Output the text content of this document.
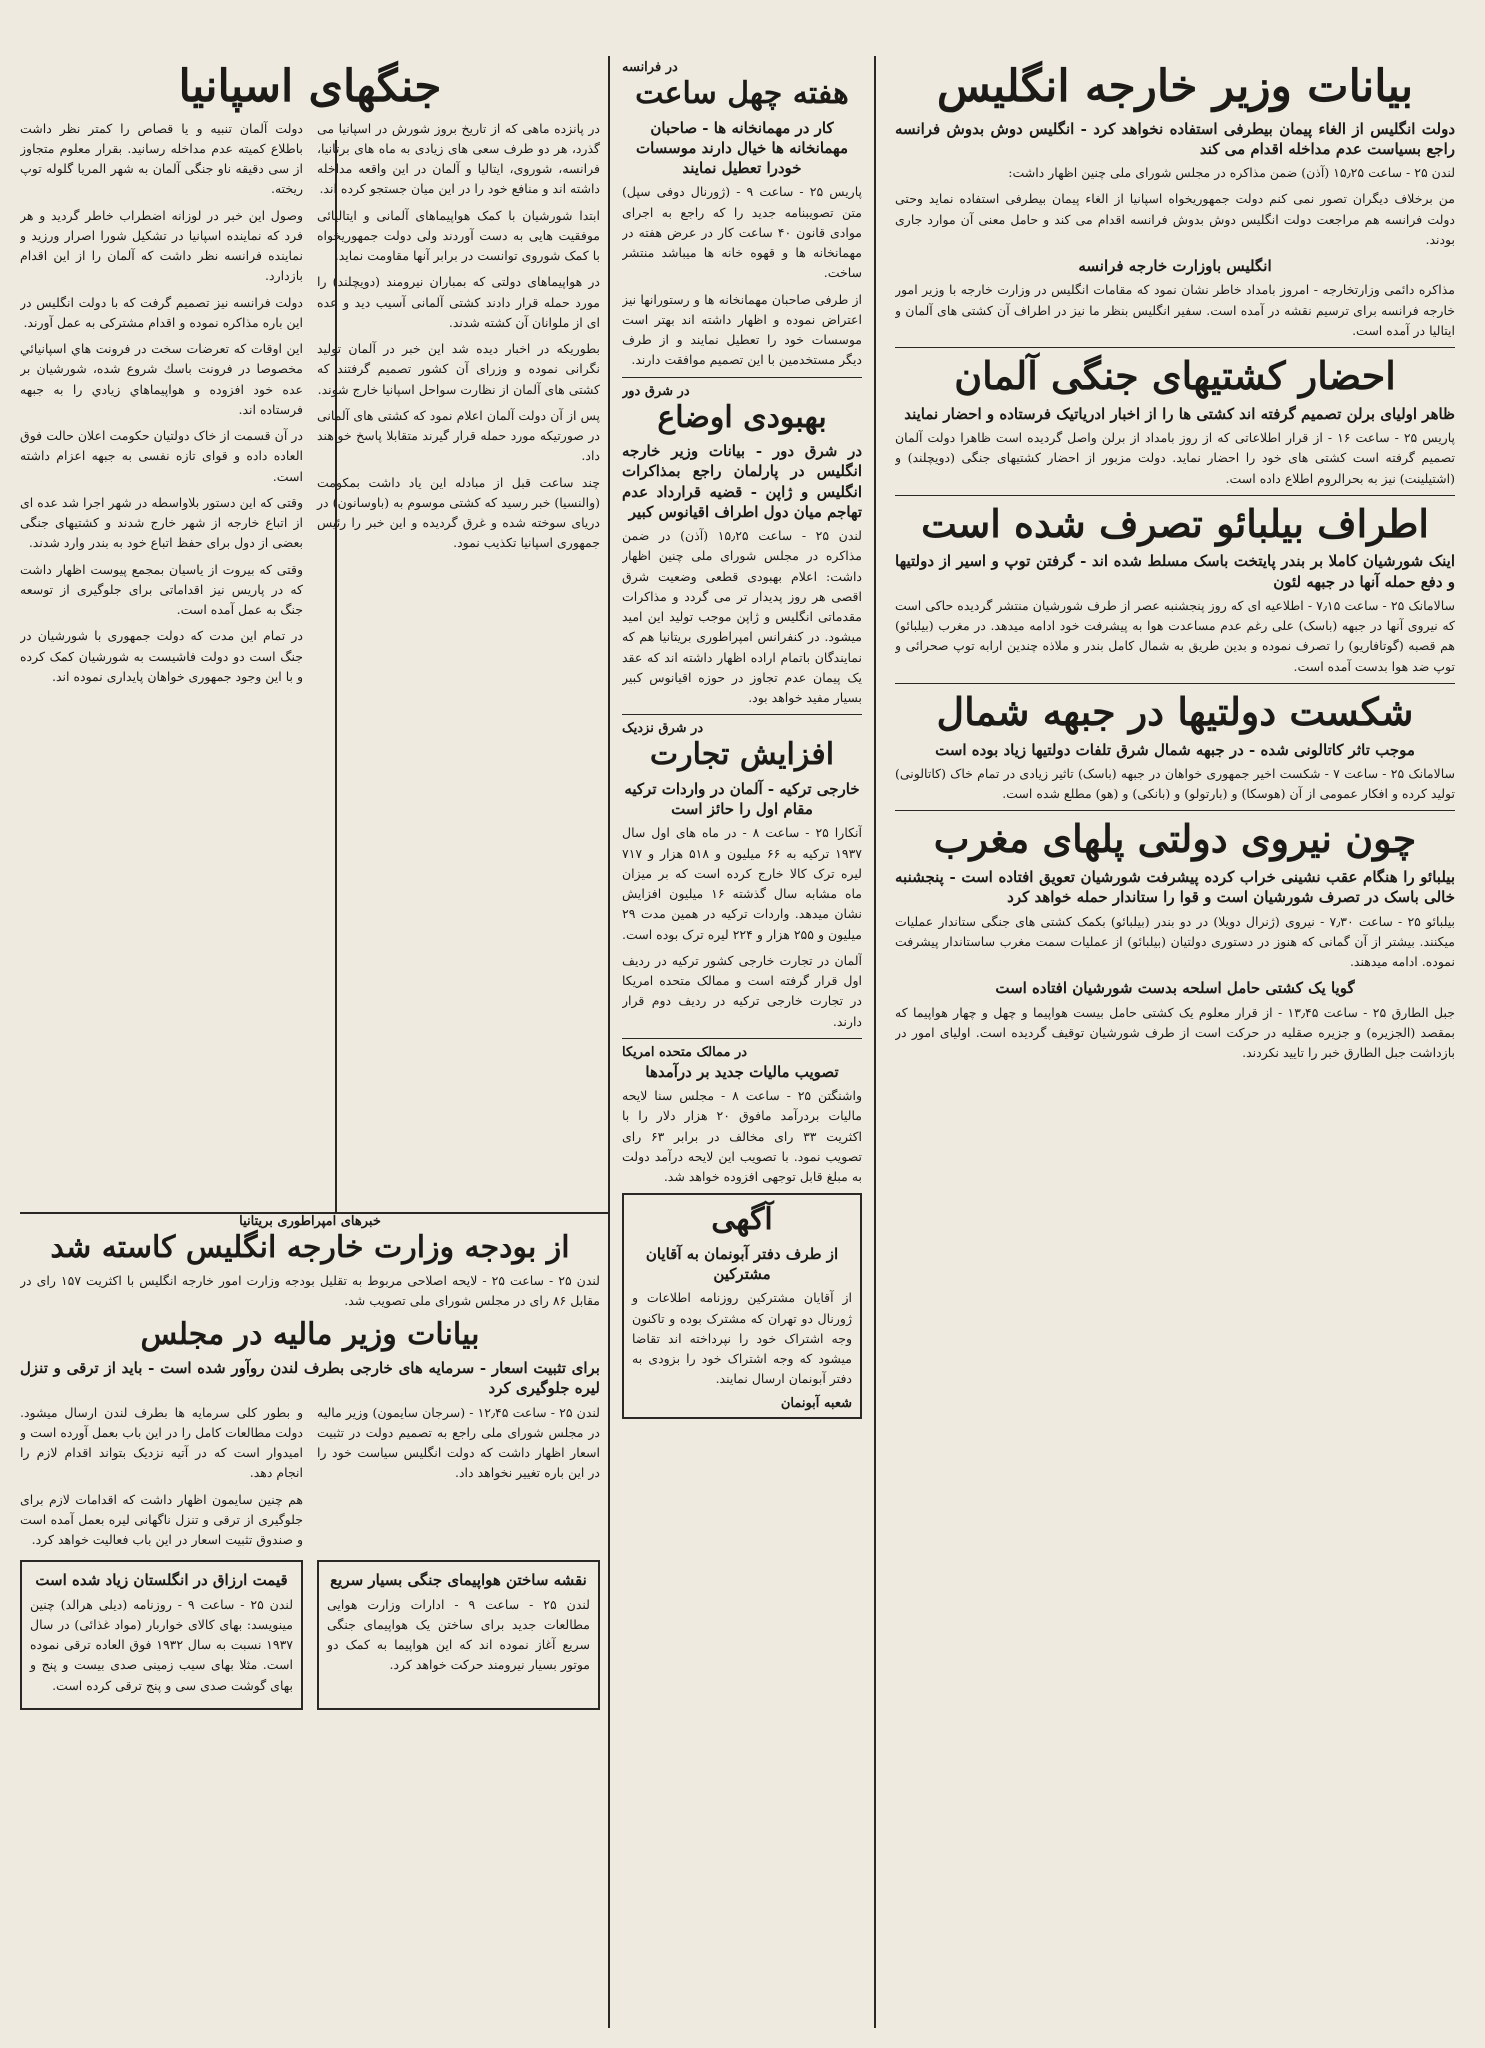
بیانات وزیر خارجه انگلیس
دولت انگلیس از الغاء پیمان بیطرفی استفاده نخواهد کرد - انگلیس دوش بدوش فرانسه راجع بسیاست عدم مداخله اقدام می کند
لندن ۲۵ - ساعت ۱۵٫۲۵ (آذن) ضمن مذاکره در مجلس شورای ملی چنین اظهار داشت:
من برخلاف دیگران تصور نمی کنم دولت جمهوریخواه اسپانیا از الغاء پیمان بیطرفی استفاده نماید وحتی دولت فرانسه هم مراجعت دولت انگلیس دوش بدوش فرانسه اقدام می کند و حامل معنی آن موارد جاری بودند.
انگلیس باوزارت خارجه فرانسه
مذاکره دائمی وزارتخارجه - امروز بامداد خاطر نشان نمود که مقامات انگلیس در وزارت خارجه با وزیر امور خارجه فرانسه برای ترسیم نقشه در آمده است. سفیر انگلیس بنظر ما نیز در اطراف آن کشتی های آلمان و ایتالیا در آمده است.
احضار کشتیهای جنگی آلمان
ظاهر اولیای برلن تصمیم گرفته اند کشتی ها را از اخبار ادریاتیک فرستاده و احضار نمایند
پاریس ۲۵ - ساعت ۱۶ - از قرار اطلاعاتی که از روز بامداد از برلن واصل گردیده است ظاهرا دولت آلمان تصمیم گرفته است کشتی های خود را احضار نماید. دولت مزبور از احضار کشتیهای جنگی (دویچلند) و (اشتیلینت) نیز به بحرالروم اطلاع داده است.
اطراف بیلبائو تصرف شده است
اینک شورشیان کاملا بر بندر پایتخت باسک مسلط شده اند - گرفتن توپ و اسیر از دولتیها و دفع حمله آنها در جبهه لئون
سالامانک ۲۵ - ساعت ۷٫۱۵ - اطلاعیه ای که روز پنجشنبه عصر از طرف شورشیان منتشر گردیده حاکی است که نیروی آنها در جبهه (باسک) علی رغم عدم مساعدت هوا به پیشرفت خود ادامه میدهد. در مغرب (بیلبائو) هم قصبه (گوتافاریو) را تصرف نموده و بدین طریق به شمال کامل بندر و ملاذه چندین ارابه توپ صحرائی و توپ ضد هوا بدست آمده است.
شکست دولتیها در جبهه شمال
موجب تاثر کاتالونی شده - در جبهه شمال شرق تلفات دولتیها زیاد بوده است
سالامانک ۲۵ - ساعت ۷ - شکست اخیر جمهوری خواهان در جبهه (باسک) تاثیر زیادی در تمام خاک (کاتالونی) تولید کرده و افکار عمومی از آن (هوسکا) و (بارتولو) و (بانکی) و (هو) مطلع شده است.
چون نیروی دولتی پلهای مغرب
بیلبائو را هنگام عقب نشینی خراب کرده پیشرفت شورشیان تعویق افتاده است - پنجشنبه خالی باسک در تصرف شورشیان است و قوا را ستاندار حمله خواهد کرد
بیلبائو ۲۵ - ساعت ۷٫۳۰ - نیروی (ژنرال دویلا) در دو بندر (بیلبائو) بکمک کشتی های جنگی ستاندار عملیات میکنند. بیشتر از آن گمانی که هنوز در دستوری دولتیان (بیلبائو) از عملیات سمت مغرب ساستاندار پیشرفت نموده. ادامه میدهند.
گویا یک کشتی حامل اسلحه بدست شورشیان افتاده است
جبل الطارق ۲۵ - ساعت ۱۳٫۴۵ - از قرار معلوم یک کشتی حامل بیست هواپیما و چهل و چهار هواپیما که بمقصد (الجزیره) و جزیره صقلیه در حرکت است از طرف شورشیان توقیف گردیده است. اولیای امور در بازداشت جبل الطارق خبر را تایید نکردند.
در فرانسه
هفته چهل ساعت
کار در مهمانخانه ها - صاحبان مهمانخانه ها خیال دارند موسسات خودرا تعطیل نمایند
پاریس ۲۵ - ساعت ۹ - (ژورنال دوفی سپل) متن تصویبنامه جدید را که راجع به اجرای موادی قانون ۴۰ ساعت کار در عرض هفته در مهمانخانه ها و قهوه خانه ها میباشد منتشر ساخت.
از طرفی صاحبان مهمانخانه ها و رستورانها نیز اعتراض نموده و اظهار داشته اند بهتر است موسسات خود را تعطیل نمایند و از طرف دیگر مستخدمین با این تصمیم موافقت دارند.
در شرق دور
بهبودی اوضاع
در شرق دور - بیانات وزیر خارجه انگلیس در پارلمان راجع بمذاکرات انگلیس و ژاپن - قضیه قرارداد عدم تهاجم میان دول اطراف اقیانوس کبیر
لندن ۲۵ - ساعت ۱۵٫۲۵ (آذن) در ضمن مذاکره در مجلس شورای ملی چنین اظهار داشت: اعلام بهبودی قطعی وضعیت شرق اقصی هر روز پدیدار تر می گردد و مذاکرات مقدماتی انگلیس و ژاپن موجب تولید این امید میشود. در کنفرانس امپراطوری بریتانیا هم که نمایندگان باتمام اراده اظهار داشته اند که عقد یک پیمان عدم تجاوز در حوزه اقیانوس کبیر بسیار مفید خواهد بود.
در شرق نزدیک
افزایش تجارت
خارجی ترکیه - آلمان در واردات ترکیه مقام اول را حائز است
آنکارا ۲۵ - ساعت ۸ - در ماه های اول سال ۱۹۳۷ ترکیه به ۶۶ میلیون و ۵۱۸ هزار و ۷۱۷ لیره ترک کالا خارج کرده است که بر میزان ماه مشابه سال گذشته ۱۶ میلیون افزایش نشان میدهد. واردات ترکیه در همین مدت ۲۹ میلیون و ۲۵۵ هزار و ۲۲۴ لیره ترک بوده است.
آلمان در تجارت خارجی کشور ترکیه در ردیف اول قرار گرفته است و ممالک متحده امریکا در تجارت خارجی ترکیه در ردیف دوم قرار دارند.
در ممالک متحده امریکا
تصویب مالیات جدید بر درآمدها
واشنگتن ۲۵ - ساعت ۸ - مجلس سنا لایحه مالیات بردرآمد مافوق ۲۰ هزار دلار را با اکثریت ۳۳ رای مخالف در برابر ۶۳ رای تصویب نمود. با تصویب این لایحه درآمد دولت به مبلغ قابل توجهی افزوده خواهد شد.
آگهی
از طرف دفتر آبونمان به آقایان مشترکین
از آقایان مشترکین روزنامه اطلاعات و ژورنال دو تهران که مشترک بوده و تاکنون وجه اشتراک خود را نپرداخته اند تقاضا میشود که وجه اشتراک خود را بزودی به دفتر آبونمان ارسال نمایند.
شعبه آبونمان
جنگهای اسپانیا
در پانزده ماهی که از تاریخ بروز شورش در اسپانیا می گذرد، هر دو طرف سعی های زیادی به ماه های برتانیا، فرانسه، شوروی، ایتالیا و آلمان در این واقعه مداخله داشته اند و منافع خود را در این میان جستجو کرده اند.
ابتدا شورشیان با کمک هواپیماهای آلمانی و ایتالیائی موفقیت هایی به دست آوردند ولی دولت جمهوریخواه با کمک شوروی توانست در برابر آنها مقاومت نماید.
در هواپیماهای دولتی که بمباران نیرومند (دویچلند) را مورد حمله قرار دادند کشتی آلمانی آسیب دید و عده ای از ملوانان آن کشته شدند.
بطوریکه در اخبار دیده شد این خبر در آلمان تولید نگرانی نموده و وزرای آن کشور تصمیم گرفتند که کشتی های آلمان از نظارت سواحل اسپانیا خارج شوند.
پس از آن دولت آلمان اعلام نمود که کشتی های آلمانی در صورتیکه مورد حمله قرار گیرند متقابلا پاسخ خواهند داد.
چند ساعت قبل از مبادله این یاد داشت بمکومت (والنسیا) خبر رسید که کشتی موسوم به (باوسانون) در دریای سوخته شده و غرق گردیده و این خبر را رئیس جمهوری اسپانیا تکذیب نمود.
دولت آلمان تنبیه و یا قصاص را کمتر نظر داشت باطلاع کمیته عدم مداخله رسانید. بقرار معلوم متجاوز از سی دقیقه ناو جنگی آلمان به شهر المریا گلوله توپ ریخته.
وصول این خبر در لوزانه اضطراب خاطر گردید و هر فرد که نماینده اسپانیا در تشکیل شورا اصرار ورزید و نماینده فرانسه نظر داشت که آلمان را از این اقدام بازدارد.
دولت فرانسه نیز تصمیم گرفت که با دولت انگلیس در این باره مذاکره نموده و اقدام مشترکی به عمل آورند.
این اوقات که تعرضات سخت در فرونت هاي اسپانيائي مخصوصا در فرونت باسك شروع شده، شورشيان بر عده خود افزوده و هواپيماهاي زيادي را به جبهه فرستاده اند.
در آن قسمت از خاک دولتیان حکومت اعلان حالت فوق العاده داده و قوای تازه نفسی به جبهه اعزام داشته است.
وقتی که این دستور بلاواسطه در شهر اجرا شد عده ای از اتباع خارجه از شهر خارج شدند و کشتیهای جنگی بعضی از دول برای حفظ اتباع خود به بندر وارد شدند.
وقتی که بیروت از یاسیان بمجمع پیوست اظهار داشت که در پاریس نیز اقداماتی برای جلوگیری از توسعه جنگ به عمل آمده است.
در تمام این مدت که دولت جمهوری با شورشیان در جنگ است دو دولت فاشیست به شورشیان کمک کرده و با این وجود جمهوری خواهان پایداری نموده اند.
خبرهای امپراطوری بریتانیا
از بودجه وزارت خارجه انگلیس کاسته شد
لندن ۲۵ - ساعت ۲۵ - لایحه اصلاحی مربوط به تقلیل بودجه وزارت امور خارجه انگلیس با اکثریت ۱۵۷ رای در مقابل ۸۶ رای در مجلس شورای ملی تصویب شد.
بیانات وزیر مالیه در مجلس
برای تثبیت اسعار - سرمایه های خارجی بطرف لندن روآور شده است - باید از ترقی و تنزل لیره جلوگیری کرد
لندن ۲۵ - ساعت ۱۲٫۴۵ - (سرجان سایمون) وزیر مالیه در مجلس شورای ملی راجع به تصمیم دولت در تثبیت اسعار اظهار داشت که دولت انگلیس سیاست خود را در این باره تغییر نخواهد داد.
و بطور کلی سرمایه ها بطرف لندن ارسال میشود. دولت مطالعات کامل را در این باب بعمل آورده است و امیدوار است که در آتیه نزدیک بتواند اقدام لازم را انجام دهد.
هم چنین سایمون اظهار داشت که اقدامات لازم برای جلوگیری از ترقی و تنزل ناگهانی لیره بعمل آمده است و صندوق تثبیت اسعار در این باب فعالیت خواهد کرد.
نقشه ساختن هواپیمای جنگی بسیار سریع
لندن ۲۵ - ساعت ۹ - ادارات وزارت هوایی مطالعات جدید برای ساختن یک هواپیمای جنگی سریع آغاز نموده اند که این هواپیما به کمک دو موتور بسیار نیرومند حرکت خواهد کرد.
قیمت ارزاق در انگلستان زیاد شده است
لندن ۲۵ - ساعت ۹ - روزنامه (دیلی هرالد) چنین مینویسد: بهای کالای خواربار (مواد غذائی) در سال ۱۹۳۷ نسبت به سال ۱۹۳۲ فوق العاده ترقی نموده است. مثلا بهای سیب زمینی صدی بیست و پنج و بهای گوشت صدی سی و پنج ترقی کرده است.
